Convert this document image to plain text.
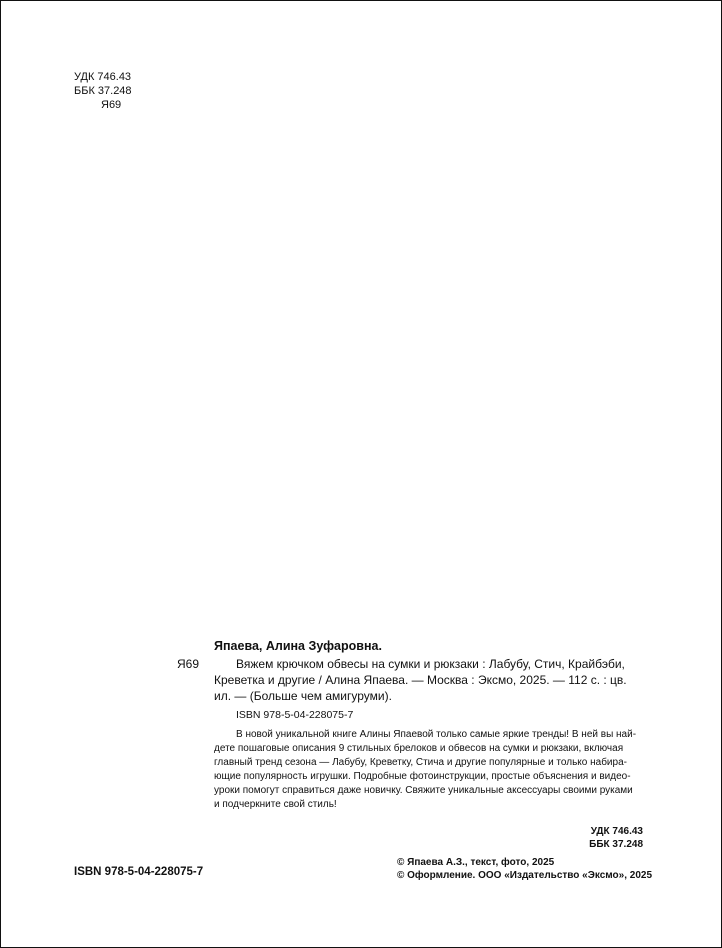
УДК 746.43
ББК 37.248
Я69
Япаева, Алина Зуфаровна.
Я69	Вяжем крючком обвесы на сумки и рюкзаки : Лабубу, Стич, Крайбэби,
Креветка и другие / Алина Япаева. — Москва : Эксмо, 2025. — 112 с. : цв.
ил. — (Больше чем амигуруми).
ISBN 978-5-04-228075-7
В новой уникальной книге Алины Япаевой только самые яркие тренды! В ней вы най-
дете пошаговые описания 9 стильных брелоков и обвесов на сумки и рюкзаки, включая
главный тренд сезона — Лабубу, Креветку, Стича и другие популярные и только набира-
ющие популярность игрушки. Подробные фотоинструкции, простые объяснения и видео-
уроки помогут справиться даже новичку. Свяжите уникальные аксессуары своими руками
и подчеркните свой стиль!
УДК 746.43
ББК 37.248
ISBN 978-5-04-228075-7
© Япаева А.З., текст, фото, 2025
© Оформление. ООО «Издательство «Эксмо», 2025
